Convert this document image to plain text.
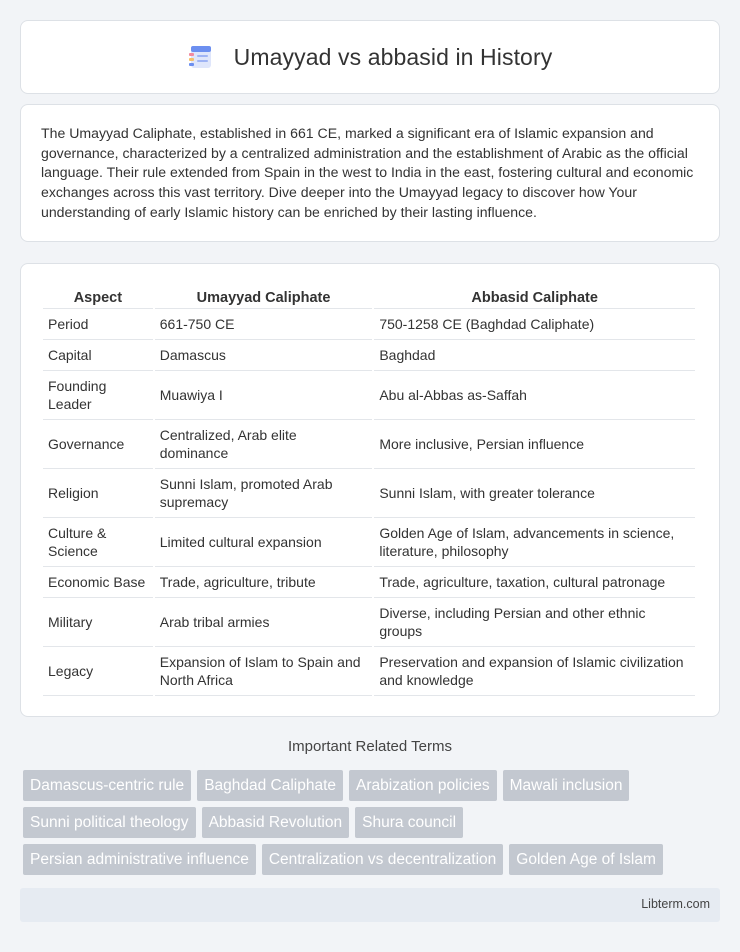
Umayyad vs abbasid in History

The Umayyad Caliphate, established in 661 CE, marked a significant era of Islamic expansion and governance, characterized by a centralized administration and the establishment of Arabic as the official language. Their rule extended from Spain in the west to India in the east, fostering cultural and economic exchanges across this vast territory. Dive deeper into the Umayyad legacy to discover how Your understanding of early Islamic history can be enriched by their lasting influence.

Aspect	Umayyad Caliphate	Abbasid Caliphate
Period	661-750 CE	750-1258 CE (Baghdad Caliphate)
Capital	Damascus	Baghdad
Founding Leader	Muawiya I	Abu al-Abbas as-Saffah
Governance	Centralized, Arab elite dominance	More inclusive, Persian influence
Religion	Sunni Islam, promoted Arab supremacy	Sunni Islam, with greater tolerance
Culture & Science	Limited cultural expansion	Golden Age of Islam, advancements in science, literature, philosophy
Economic Base	Trade, agriculture, tribute	Trade, agriculture, taxation, cultural patronage
Military	Arab tribal armies	Diverse, including Persian and other ethnic groups
Legacy	Expansion of Islam to Spain and North Africa	Preservation and expansion of Islamic civilization and knowledge
Important Related Terms
Damascus-centric rule	Baghdad Caliphate	Arabization policies	Mawali inclusion
Sunni political theology	Abbasid Revolution	Shura council
Persian administrative influence	Centralization vs decentralization	Golden Age of Islam
Libterm.com
